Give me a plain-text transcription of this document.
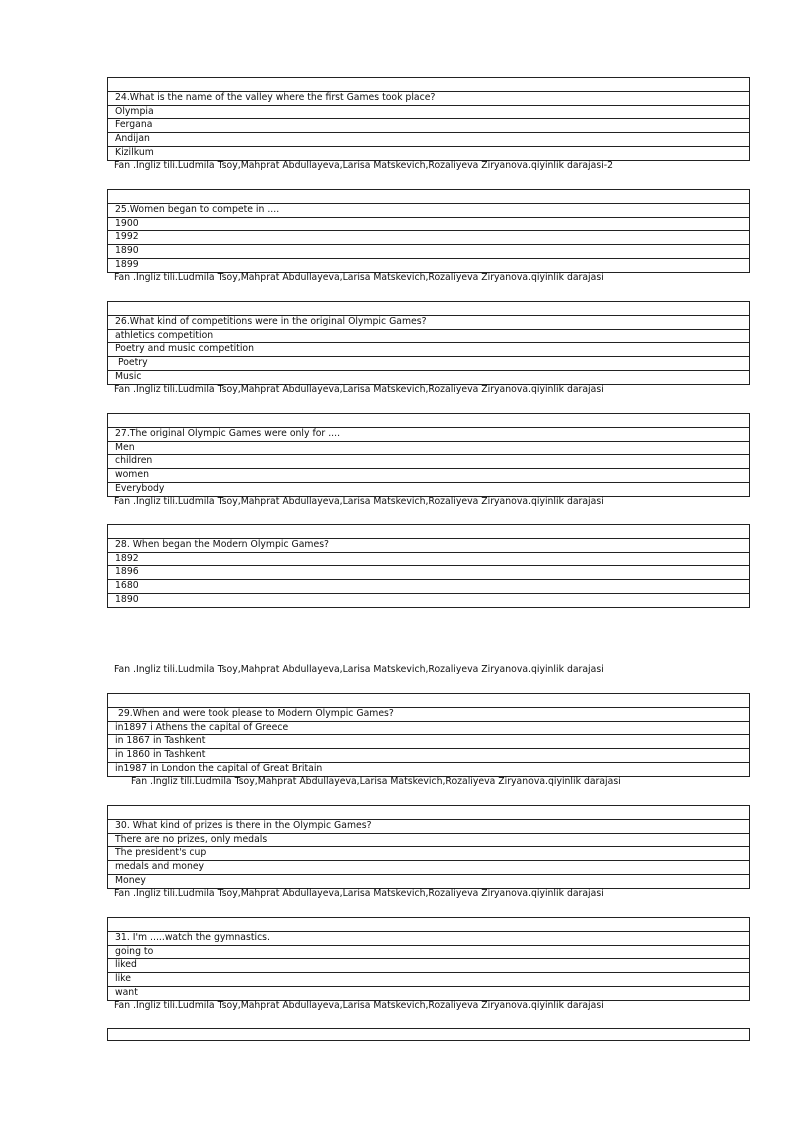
24.What is the name of the valley where the first Games took place?
Olympia
Fergana
Andijan
Kizilkum
Fan .Ingliz tili.Ludmila Tsoy,Mahprat Abdullayeva,Larisa Matskevich,Rozaliyeva Ziryanova.qiyinlik darajasi-2

25.Women began to compete in ....
1900
1992
1890
1899
Fan .Ingliz tili.Ludmila Tsoy,Mahprat Abdullayeva,Larisa Matskevich,Rozaliyeva Ziryanova.qiyinlik darajasi

26.What kind of competitions were in the original Olympic Games?
athletics competition
Poetry and music competition
Poetry
Music
Fan .Ingliz tili.Ludmila Tsoy,Mahprat Abdullayeva,Larisa Matskevich,Rozaliyeva Ziryanova.qiyinlik darajasi

27.The original Olympic Games were only for ....
Men
children
women
Everybody
Fan .Ingliz tili.Ludmila Tsoy,Mahprat Abdullayeva,Larisa Matskevich,Rozaliyeva Ziryanova.qiyinlik darajasi

28. When began the Modern Olympic Games?
1892
1896
1680
1890
Fan .Ingliz tili.Ludmila Tsoy,Mahprat Abdullayeva,Larisa Matskevich,Rozaliyeva Ziryanova.qiyinlik darajasi

29.When and were took please to Modern Olympic Games?
in1897 i Athens the capital of Greece
in 1867 in Tashkent
in 1860 in Tashkent
in1987 in London the capital of Great Britain
Fan .Ingliz tili.Ludmila Tsoy,Mahprat Abdullayeva,Larisa Matskevich,Rozaliyeva Ziryanova.qiyinlik darajasi

30. What kind of prizes is there in the Olympic Games?
There are no prizes, only medals
The president's cup
medals and money
Money
Fan .Ingliz tili.Ludmila Tsoy,Mahprat Abdullayeva,Larisa Matskevich,Rozaliyeva Ziryanova.qiyinlik darajasi

31. I'm .....watch the gymnastics.
going to
liked
like
want
Fan .Ingliz tili.Ludmila Tsoy,Mahprat Abdullayeva,Larisa Matskevich,Rozaliyeva Ziryanova.qiyinlik darajasi
